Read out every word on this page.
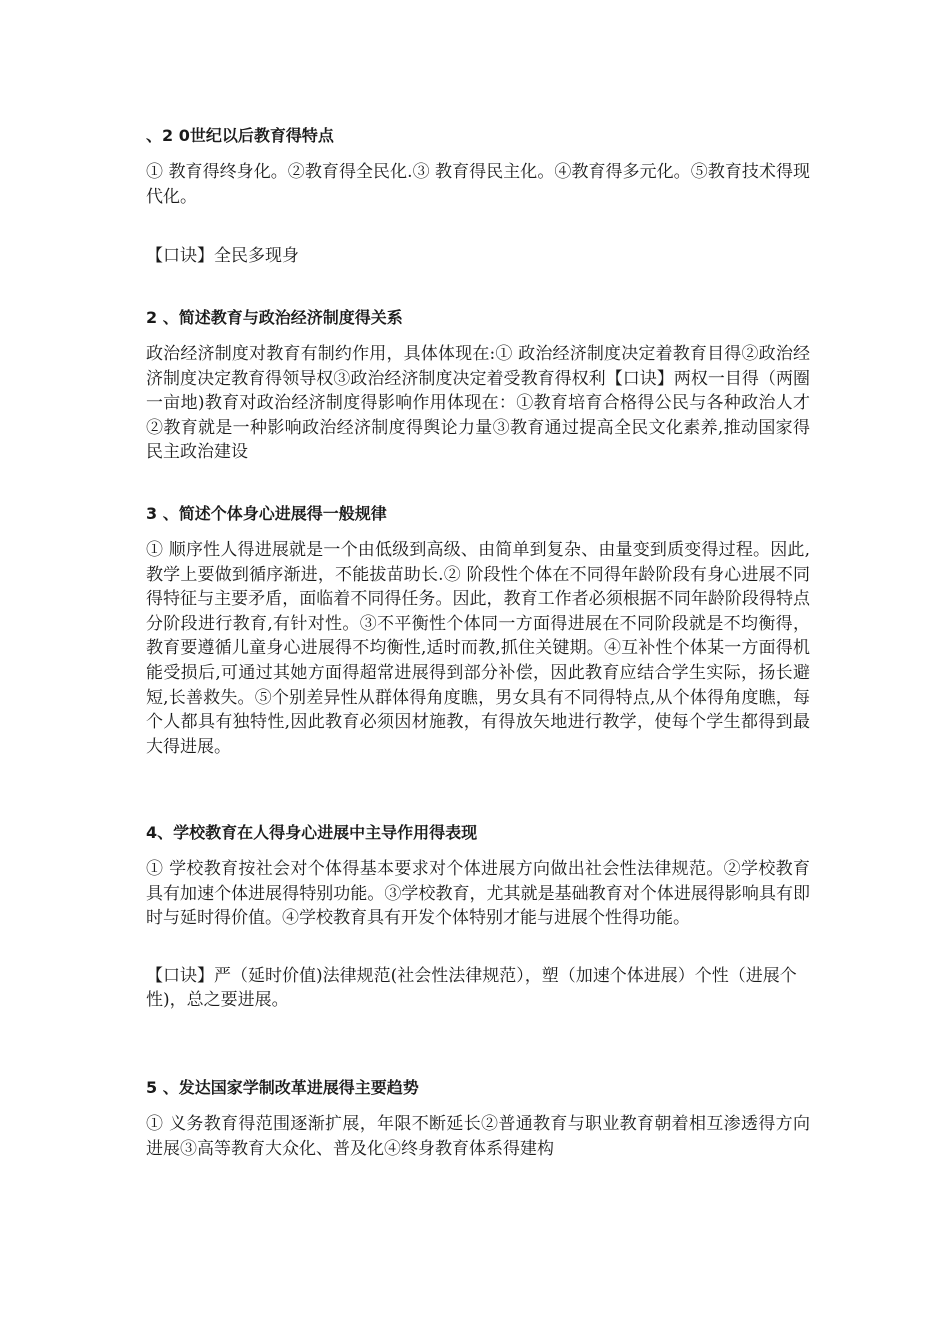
、2 0世纪以后教育得特点

① 教育得终身化。②教育得全民化.③ 教育得民主化。④教育得多元化。⑤教育技术得现代化。

【口诀】全民多现身

2 、简述教育与政治经济制度得关系

政治经济制度对教育有制约作用，具体体现在:① 政治经济制度决定着教育目得②政治经济制度决定教育得领导权③政治经济制度决定着受教育得权利【口诀】两权一目得（两圈一亩地)教育对政治经济制度得影响作用体现在：①教育培育合格得公民与各种政治人才②教育就是一种影响政治经济制度得舆论力量③教育通过提高全民文化素养,推动国家得民主政治建设

3 、简述个体身心进展得一般规律

① 顺序性人得进展就是一个由低级到高级、由简单到复杂、由量变到质变得过程。因此,教学上要做到循序渐进，不能拔苗助长.② 阶段性个体在不同得年龄阶段有身心进展不同得特征与主要矛盾，面临着不同得任务。因此，教育工作者必须根据不同年龄阶段得特点分阶段进行教育,有针对性。③不平衡性个体同一方面得进展在不同阶段就是不均衡得，教育要遵循儿童身心进展得不均衡性,适时而教,抓住关键期。④互补性个体某一方面得机能受损后,可通过其她方面得超常进展得到部分补偿，因此教育应结合学生实际，扬长避短,长善救失。⑤个别差异性从群体得角度瞧，男女具有不同得特点,从个体得角度瞧，每个人都具有独特性,因此教育必须因材施教，有得放矢地进行教学，使每个学生都得到最大得进展。

4、学校教育在人得身心进展中主导作用得表现

① 学校教育按社会对个体得基本要求对个体进展方向做出社会性法律规范。②学校教育具有加速个体进展得特别功能。③学校教育，尤其就是基础教育对个体进展得影响具有即时与延时得价值。④学校教育具有开发个体特别才能与进展个性得功能。

【口诀】严（延时价值)法律规范(社会性法律规范），塑（加速个体进展）个性（进展个性)，总之要进展。

5 、发达国家学制改革进展得主要趋势

① 义务教育得范围逐渐扩展，年限不断延长②普通教育与职业教育朝着相互渗透得方向进展③高等教育大众化、普及化④终身教育体系得建构
